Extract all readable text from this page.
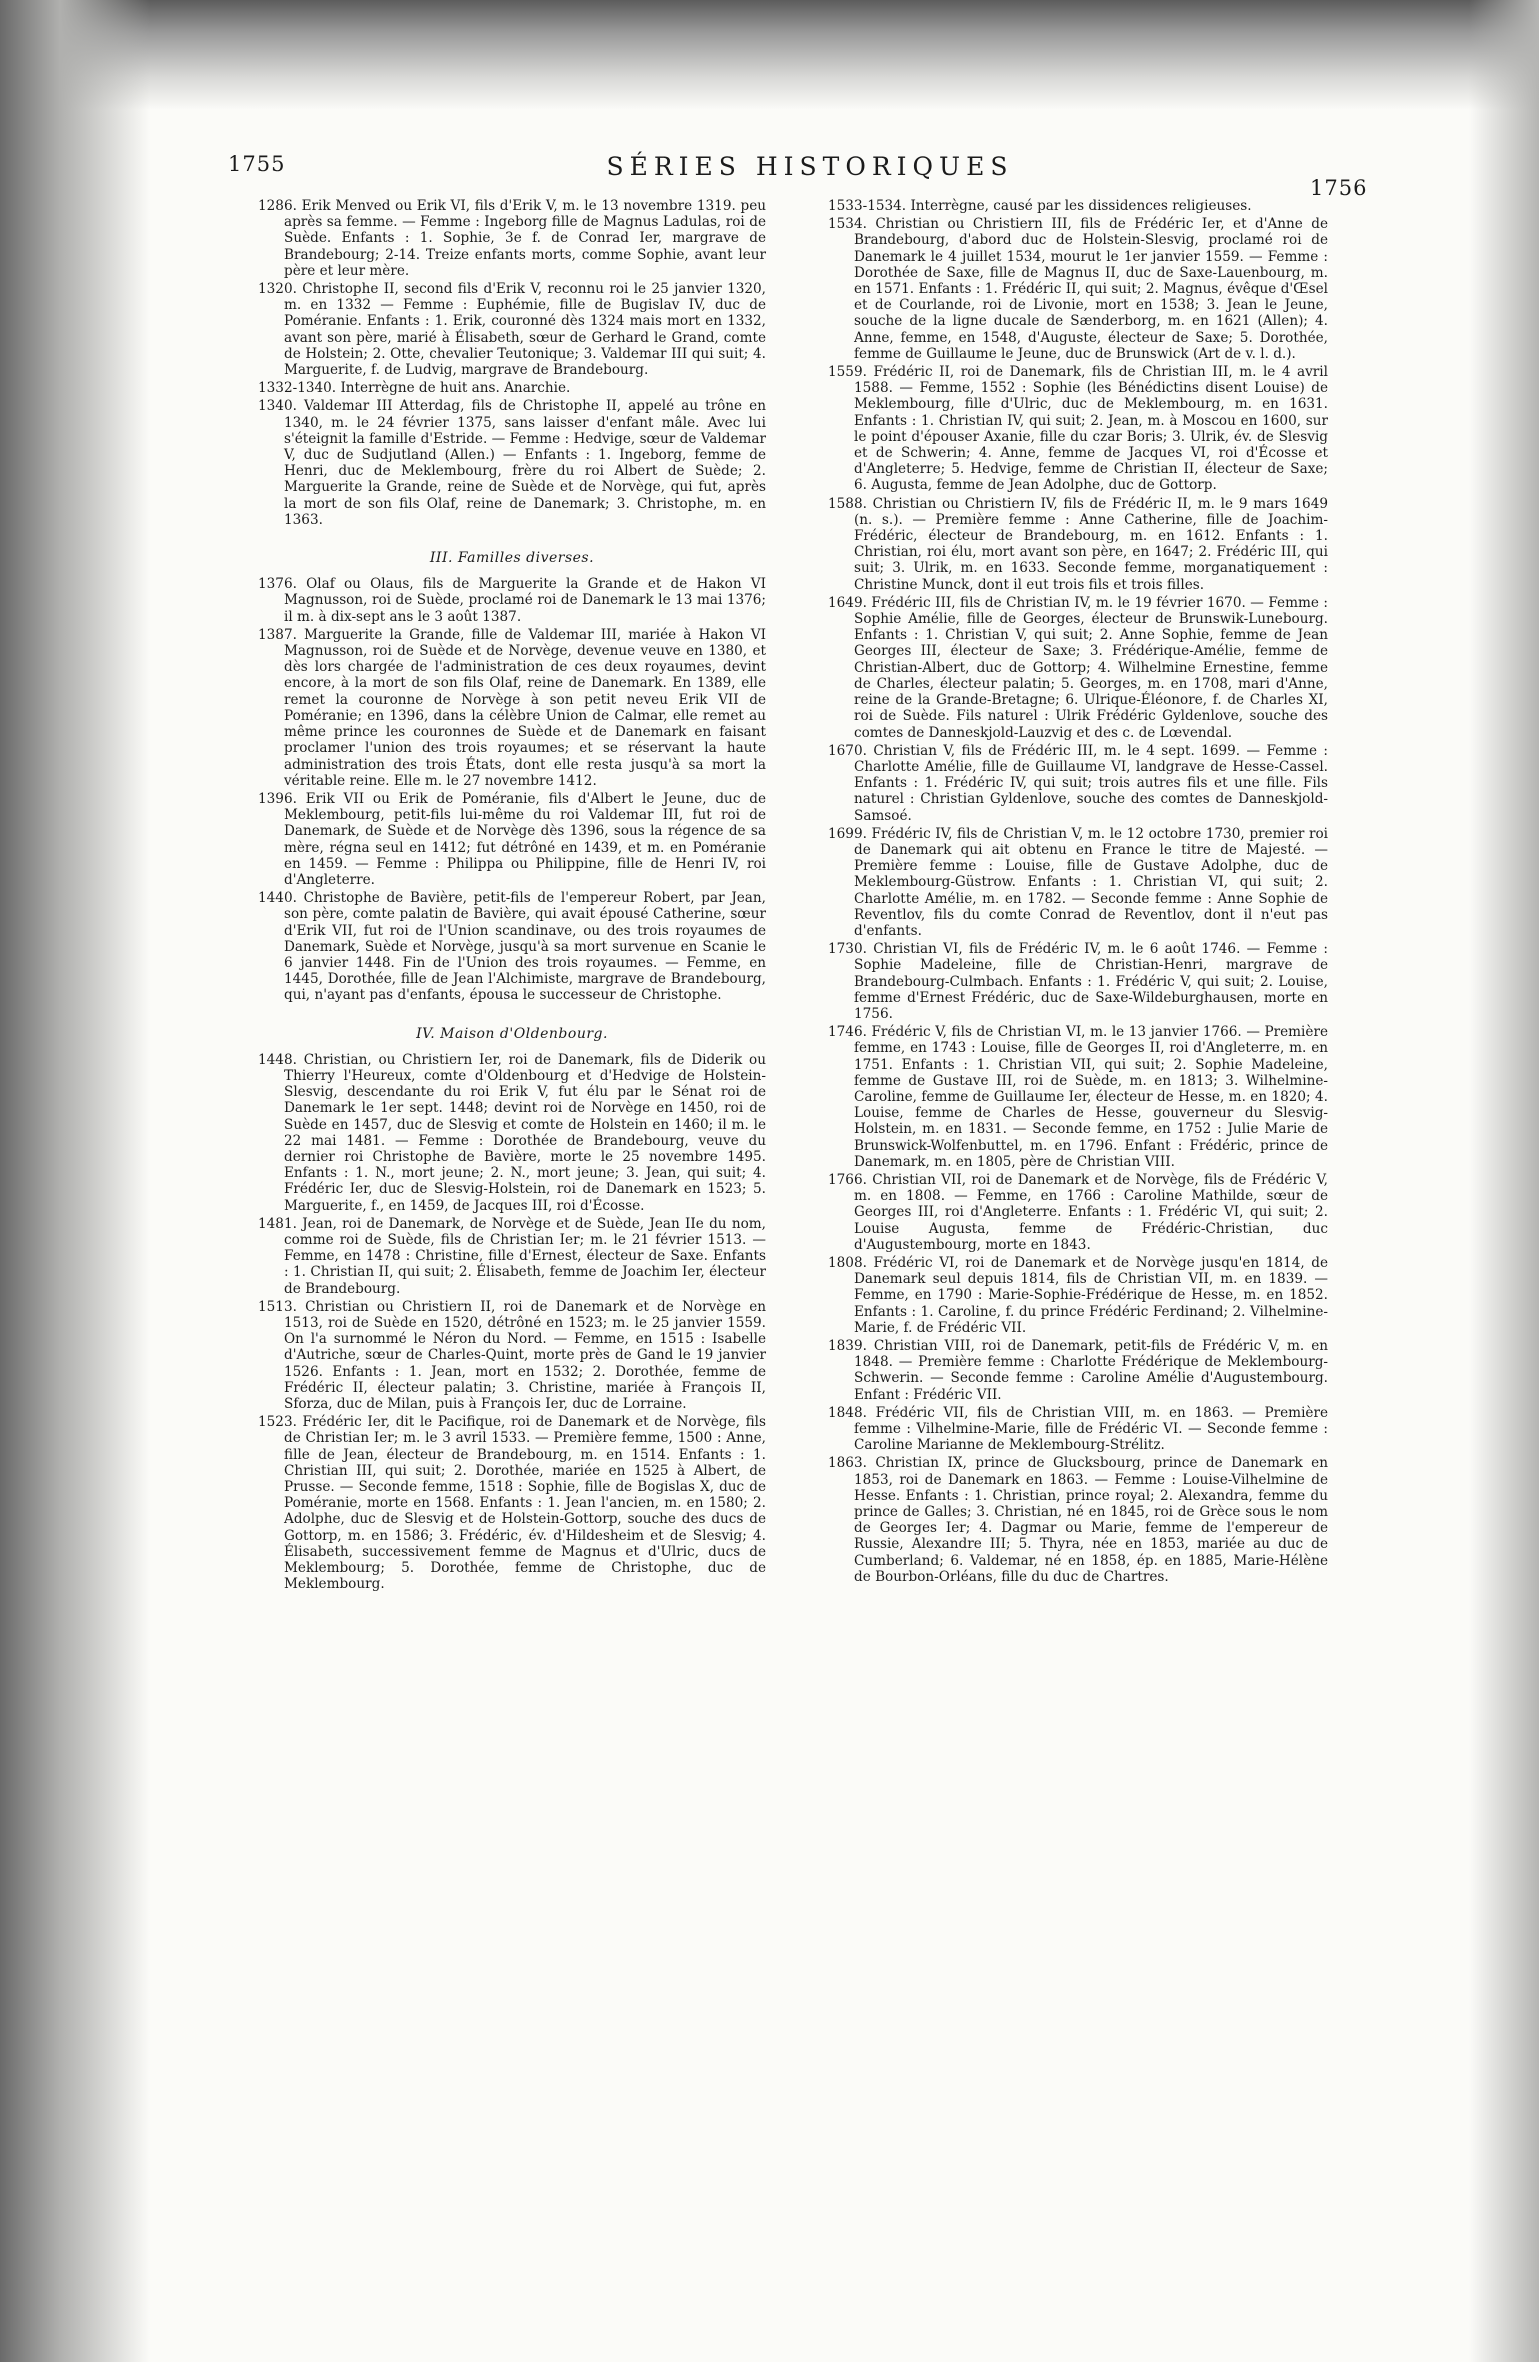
1755	SÉRIES HISTORIQUES
1756

1286. Erik Menved ou Erik VI, fils d'Erik V, m. le 13 novembre 1319. peu après sa femme. — Femme : Ingeborg fille de Magnus Ladulas, roi de Suède. Enfants : 1. Sophie, 3e f. de Conrad Ier, margrave de Brandebourg; 2-14. Treize enfants morts, comme Sophie, avant leur père et leur mère.

1320. Christophe II, second fils d'Erik V, reconnu roi le 25 janvier 1320, m. en 1332 — Femme : Euphémie, fille de Bugislav IV, duc de Poméranie. Enfants : 1. Erik, couronné dès 1324 mais mort en 1332, avant son père, marié à Élisabeth, sœur de Gerhard le Grand, comte de Holstein; 2. Otte, chevalier Teutonique; 3. Valdemar III qui suit; 4. Marguerite, f. de Ludvig, margrave de Brandebourg.

1332-1340. Interrègne de huit ans. Anarchie.

1340. Valdemar III Atterdag, fils de Christophe II, appelé au trône en 1340, m. le 24 février 1375, sans laisser d'enfant mâle. Avec lui s'éteignit la famille d'Estride. — Femme : Hedvige, sœur de Valdemar V, duc de Sudjutland (Allen.) — Enfants : 1. Ingeborg, femme de Henri, duc de Meklembourg, frère du roi Albert de Suède; 2. Marguerite la Grande, reine de Suède et de Norvège, qui fut, après la mort de son fils Olaf, reine de Danemark; 3. Christophe, m. en 1363.

III. Familles diverses.

1376. Olaf ou Olaus, fils de Marguerite la Grande et de Hakon VI Magnusson, roi de Suède, proclamé roi de Danemark le 13 mai 1376; il m. à dix-sept ans le 3 août 1387.

1387. Marguerite la Grande, fille de Valdemar III, mariée à Hakon VI Magnusson, roi de Suède et de Norvège, devenue veuve en 1380, et dès lors chargée de l'administration de ces deux royaumes, devint encore, à la mort de son fils Olaf, reine de Danemark. En 1389, elle remet la couronne de Norvège à son petit neveu Erik VII de Poméranie; en 1396, dans la célèbre Union de Calmar, elle remet au même prince les couronnes de Suède et de Danemark en faisant proclamer l'union des trois royaumes; et se réservant la haute administration des trois États, dont elle resta jusqu'à sa mort la véritable reine. Elle m. le 27 novembre 1412.

1396. Erik VII ou Erik de Poméranie, fils d'Albert le Jeune, duc de Meklembourg, petit-fils lui-même du roi Valdemar III, fut roi de Danemark, de Suède et de Norvège dès 1396, sous la régence de sa mère, régna seul en 1412; fut détrôné en 1439, et m. en Poméranie en 1459. — Femme : Philippa ou Philippine, fille de Henri IV, roi d'Angleterre.

1440. Christophe de Bavière, petit-fils de l'empereur Robert, par Jean, son père, comte palatin de Bavière, qui avait épousé Catherine, sœur d'Erik VII, fut roi de l'Union scandinave, ou des trois royaumes de Danemark, Suède et Norvège, jusqu'à sa mort survenue en Scanie le 6 janvier 1448. Fin de l'Union des trois royaumes. — Femme, en 1445, Dorothée, fille de Jean l'Alchimiste, margrave de Brandebourg, qui, n'ayant pas d'enfants, épousa le successeur de Christophe.

IV. Maison d'Oldenbourg.

1448. Christian, ou Christiern Ier, roi de Danemark, fils de Diderik ou Thierry l'Heureux, comte d'Oldenbourg et d'Hedvige de Holstein-Slesvig, descendante du roi Erik V, fut élu par le Sénat roi de Danemark le 1er sept. 1448; devint roi de Norvège en 1450, roi de Suède en 1457, duc de Slesvig et comte de Holstein en 1460; il m. le 22 mai 1481. — Femme : Dorothée de Brandebourg, veuve du dernier roi Christophe de Bavière, morte le 25 novembre 1495. Enfants : 1. N., mort jeune; 2. N., mort jeune; 3. Jean, qui suit; 4. Frédéric Ier, duc de Slesvig-Holstein, roi de Danemark en 1523; 5. Marguerite, f., en 1459, de Jacques III, roi d'Écosse.

1481. Jean, roi de Danemark, de Norvège et de Suède, Jean IIe du nom, comme roi de Suède, fils de Christian Ier; m. le 21 février 1513. — Femme, en 1478 : Christine, fille d'Ernest, électeur de Saxe. Enfants : 1. Christian II, qui suit; 2. Élisabeth, femme de Joachim Ier, électeur de Brandebourg.

1513. Christian ou Christiern II, roi de Danemark et de Norvège en 1513, roi de Suède en 1520, détrôné en 1523; m. le 25 janvier 1559. On l'a surnommé le Néron du Nord. — Femme, en 1515 : Isabelle d'Autriche, sœur de Charles-Quint, morte près de Gand le 19 janvier 1526. Enfants : 1. Jean, mort en 1532; 2. Dorothée, femme de Frédéric II, électeur palatin; 3. Christine, mariée à François II, Sforza, duc de Milan, puis à François Ier, duc de Lorraine.

1523. Frédéric Ier, dit le Pacifique, roi de Danemark et de Norvège, fils de Christian Ier; m. le 3 avril 1533. — Première femme, 1500 : Anne, fille de Jean, électeur de Brandebourg, m. en 1514. Enfants : 1. Christian III, qui suit; 2. Dorothée, mariée en 1525 à Albert, de Prusse. — Seconde femme, 1518 : Sophie, fille de Bogislas X, duc de Poméranie, morte en 1568. Enfants : 1. Jean l'ancien, m. en 1580; 2. Adolphe, duc de Slesvig et de Holstein-Gottorp, souche des ducs de Gottorp, m. en 1586; 3. Frédéric, év. d'Hildesheim et de Slesvig; 4. Élisabeth, successivement femme de Magnus et d'Ulric, ducs de Meklembourg; 5. Dorothée, femme de Christophe, duc de Meklembourg.

1533-1534. Interrègne, causé par les dissidences religieuses.

1534. Christian ou Christiern III, fils de Frédéric Ier, et d'Anne de Brandebourg, d'abord duc de Holstein-Slesvig, proclamé roi de Danemark le 4 juillet 1534, mourut le 1er janvier 1559. — Femme : Dorothée de Saxe, fille de Magnus II, duc de Saxe-Lauenbourg, m. en 1571. Enfants : 1. Frédéric II, qui suit; 2. Magnus, évêque d'Œsel et de Courlande, roi de Livonie, mort en 1538; 3. Jean le Jeune, souche de la ligne ducale de Sænderborg, m. en 1621 (Allen); 4. Anne, femme, en 1548, d'Auguste, électeur de Saxe; 5. Dorothée, femme de Guillaume le Jeune, duc de Brunswick (Art de v. l. d.).

1559. Frédéric II, roi de Danemark, fils de Christian III, m. le 4 avril 1588. — Femme, 1552 : Sophie (les Bénédictins disent Louise) de Meklembourg, fille d'Ulric, duc de Meklembourg, m. en 1631. Enfants : 1. Christian IV, qui suit; 2. Jean, m. à Moscou en 1600, sur le point d'épouser Axanie, fille du czar Boris; 3. Ulrik, év. de Slesvig et de Schwerin; 4. Anne, femme de Jacques VI, roi d'Écosse et d'Angleterre; 5. Hedvige, femme de Christian II, électeur de Saxe; 6. Augusta, femme de Jean Adolphe, duc de Gottorp.

1588. Christian ou Christiern IV, fils de Frédéric II, m. le 9 mars 1649 (n. s.). — Première femme : Anne Catherine, fille de Joachim-Frédéric, électeur de Brandebourg, m. en 1612. Enfants : 1. Christian, roi élu, mort avant son père, en 1647; 2. Frédéric III, qui suit; 3. Ulrik, m. en 1633. Seconde femme, morganatiquement : Christine Munck, dont il eut trois fils et trois filles.

1649. Frédéric III, fils de Christian IV, m. le 19 février 1670. — Femme : Sophie Amélie, fille de Georges, électeur de Brunswik-Lunebourg. Enfants : 1. Christian V, qui suit; 2. Anne Sophie, femme de Jean Georges III, électeur de Saxe; 3. Frédérique-Amélie, femme de Christian-Albert, duc de Gottorp; 4. Wilhelmine Ernestine, femme de Charles, électeur palatin; 5. Georges, m. en 1708, mari d'Anne, reine de la Grande-Bretagne; 6. Ulrique-Éléonore, f. de Charles XI, roi de Suède. Fils naturel : Ulrik Frédéric Gyldenlove, souche des comtes de Danneskjold-Lauzvig et des c. de Lœvendal.

1670. Christian V, fils de Frédéric III, m. le 4 sept. 1699. — Femme : Charlotte Amélie, fille de Guillaume VI, landgrave de Hesse-Cassel. Enfants : 1. Frédéric IV, qui suit; trois autres fils et une fille. Fils naturel : Christian Gyldenlove, souche des comtes de Danneskjold-Samsoé.

1699. Frédéric IV, fils de Christian V, m. le 12 octobre 1730, premier roi de Danemark qui ait obtenu en France le titre de Majesté. — Première femme : Louise, fille de Gustave Adolphe, duc de Meklembourg-Güstrow. Enfants : 1. Christian VI, qui suit; 2. Charlotte Amélie, m. en 1782. — Seconde femme : Anne Sophie de Reventlov, fils du comte Conrad de Reventlov, dont il n'eut pas d'enfants.

1730. Christian VI, fils de Frédéric IV, m. le 6 août 1746. — Femme : Sophie Madeleine, fille de Christian-Henri, margrave de Brandebourg-Culmbach. Enfants : 1. Frédéric V, qui suit; 2. Louise, femme d'Ernest Frédéric, duc de Saxe-Wildeburghausen, morte en 1756.

1746. Frédéric V, fils de Christian VI, m. le 13 janvier 1766. — Première femme, en 1743 : Louise, fille de Georges II, roi d'Angleterre, m. en 1751. Enfants : 1. Christian VII, qui suit; 2. Sophie Madeleine, femme de Gustave III, roi de Suède, m. en 1813; 3. Wilhelmine-Caroline, femme de Guillaume Ier, électeur de Hesse, m. en 1820; 4. Louise, femme de Charles de Hesse, gouverneur du Slesvig-Holstein, m. en 1831. — Seconde femme, en 1752 : Julie Marie de Brunswick-Wolfenbuttel, m. en 1796. Enfant : Frédéric, prince de Danemark, m. en 1805, père de Christian VIII.

1766. Christian VII, roi de Danemark et de Norvège, fils de Frédéric V, m. en 1808. — Femme, en 1766 : Caroline Mathilde, sœur de Georges III, roi d'Angleterre. Enfants : 1. Frédéric VI, qui suit; 2. Louise Augusta, femme de Frédéric-Christian, duc d'Augustembourg, morte en 1843.

1808. Frédéric VI, roi de Danemark et de Norvège jusqu'en 1814, de Danemark seul depuis 1814, fils de Christian VII, m. en 1839. — Femme, en 1790 : Marie-Sophie-Frédérique de Hesse, m. en 1852. Enfants : 1. Caroline, f. du prince Frédéric Ferdinand; 2. Vilhelmine-Marie, f. de Frédéric VII.

1839. Christian VIII, roi de Danemark, petit-fils de Frédéric V, m. en 1848. — Première femme : Charlotte Frédérique de Meklembourg-Schwerin. — Seconde femme : Caroline Amélie d'Augustembourg. Enfant : Frédéric VII.

1848. Frédéric VII, fils de Christian VIII, m. en 1863. — Première femme : Vilhelmine-Marie, fille de Frédéric VI. — Seconde femme : Caroline Marianne de Meklembourg-Strélitz.

1863. Christian IX, prince de Glucksbourg, prince de Danemark en 1853, roi de Danemark en 1863. — Femme : Louise-Vilhelmine de Hesse. Enfants : 1. Christian, prince royal; 2. Alexandra, femme du prince de Galles; 3. Christian, né en 1845, roi de Grèce sous le nom de Georges Ier; 4. Dagmar ou Marie, femme de l'empereur de Russie, Alexandre III; 5. Thyra, née en 1853, mariée au duc de Cumberland; 6. Valdemar, né en 1858, ép. en 1885, Marie-Hélène de Bourbon-Orléans, fille du duc de Chartres.
